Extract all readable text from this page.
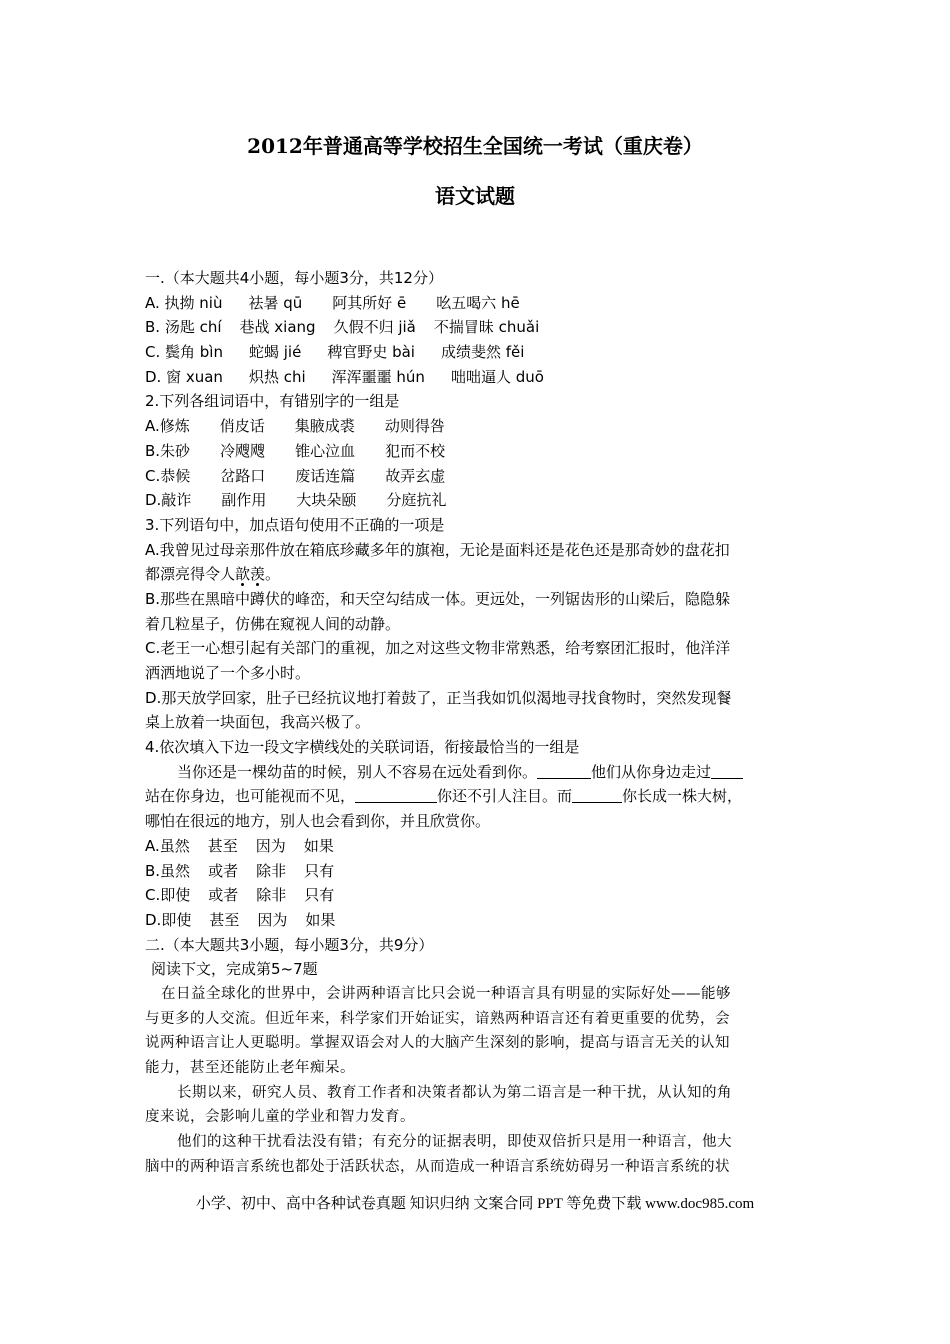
2012年普通高等学校招生全国统一考试（重庆卷）
语文试题
一.（本大题共4小题，每小题3分，共12分）
A. 执拗 niù 祛暑 qū 阿其所好 ē 吆五喝六 hē
B. 汤匙 chí 巷战 xiang 久假不归 jiǎ 不揣冒昧 chuǎi
C. 鬓角 bìn 蛇蝎 jié 稗官野史 bài 成绩斐然 fěi
D. 窗 xuan 炽热 chi 浑浑噩噩 hún 咄咄逼人 duō
2.下列各组词语中，有错别字的一组是
A.修炼 俏皮话 集腋成裘 动则得咎
B.朱砂 冷飕飕 锥心泣血 犯而不校
C.恭候 岔路口 废话连篇 故弄玄虚
D.敲诈 副作用 大块朵颐 分庭抗礼
3.下列语句中，加点语句使用不正确的一项是
A.我曾见过母亲那件放在箱底珍藏多年的旗袍，无论是面料还是花色还是那奇妙的盘花扣
都漂亮得令人歆羡。
B.那些在黑暗中蹲伏的峰峦，和天空勾结成一体。更远处，一列锯齿形的山梁后，隐隐躲
着几粒星子，仿佛在窥视人间的动静。
C.老王一心想引起有关部门的重视，加之对这些文物非常熟悉，给考察团汇报时，他洋洋
洒洒地说了一个多小时。
D.那天放学回家，肚子已经抗议地打着鼓了，正当我如饥似渴地寻找食物时，突然发现餐
桌上放着一块面包，我高兴极了。
4.依次填入下边一段文字横线处的关联词语，衔接最恰当的一组是
当你还是一棵幼苗的时候，别人不容易在远处看到你。	他们从你身边走过
站在你身边，也可能视而不见，	你还不引人注目。而	你长成一株大树，
哪怕在很远的地方，别人也会看到你，并且欣赏你。
A.虽然 甚至 因为 如果
B.虽然 或者 除非 只有
C.即使 或者 除非 只有
D.即使 甚至 因为 如果
二.（本大题共3小题，每小题3分，共9分）
阅读下文，完成第5~7题
在日益全球化的世界中，会讲两种语言比只会说一种语言具有明显的实际好处——能够
与更多的人交流。但近年来，科学家们开始证实，谙熟两种语言还有着更重要的优势，会
说两种语言让人更聪明。掌握双语会对人的大脑产生深刻的影响，提高与语言无关的认知
能力，甚至还能防止老年痴呆。
长期以来，研究人员、教育工作者和决策者都认为第二语言是一种干扰，从认知的角
度来说，会影响儿童的学业和智力发育。
他们的这种干扰看法没有错；有充分的证据表明，即使双倍折只是用一种语言，他大
脑中的两种语言系统也都处于活跃状态，从而造成一种语言系统妨碍另一种语言系统的状
小学、初中、高中各种试卷真题 知识归纳 文案合同 PPT 等免费下载 www.doc985.com
